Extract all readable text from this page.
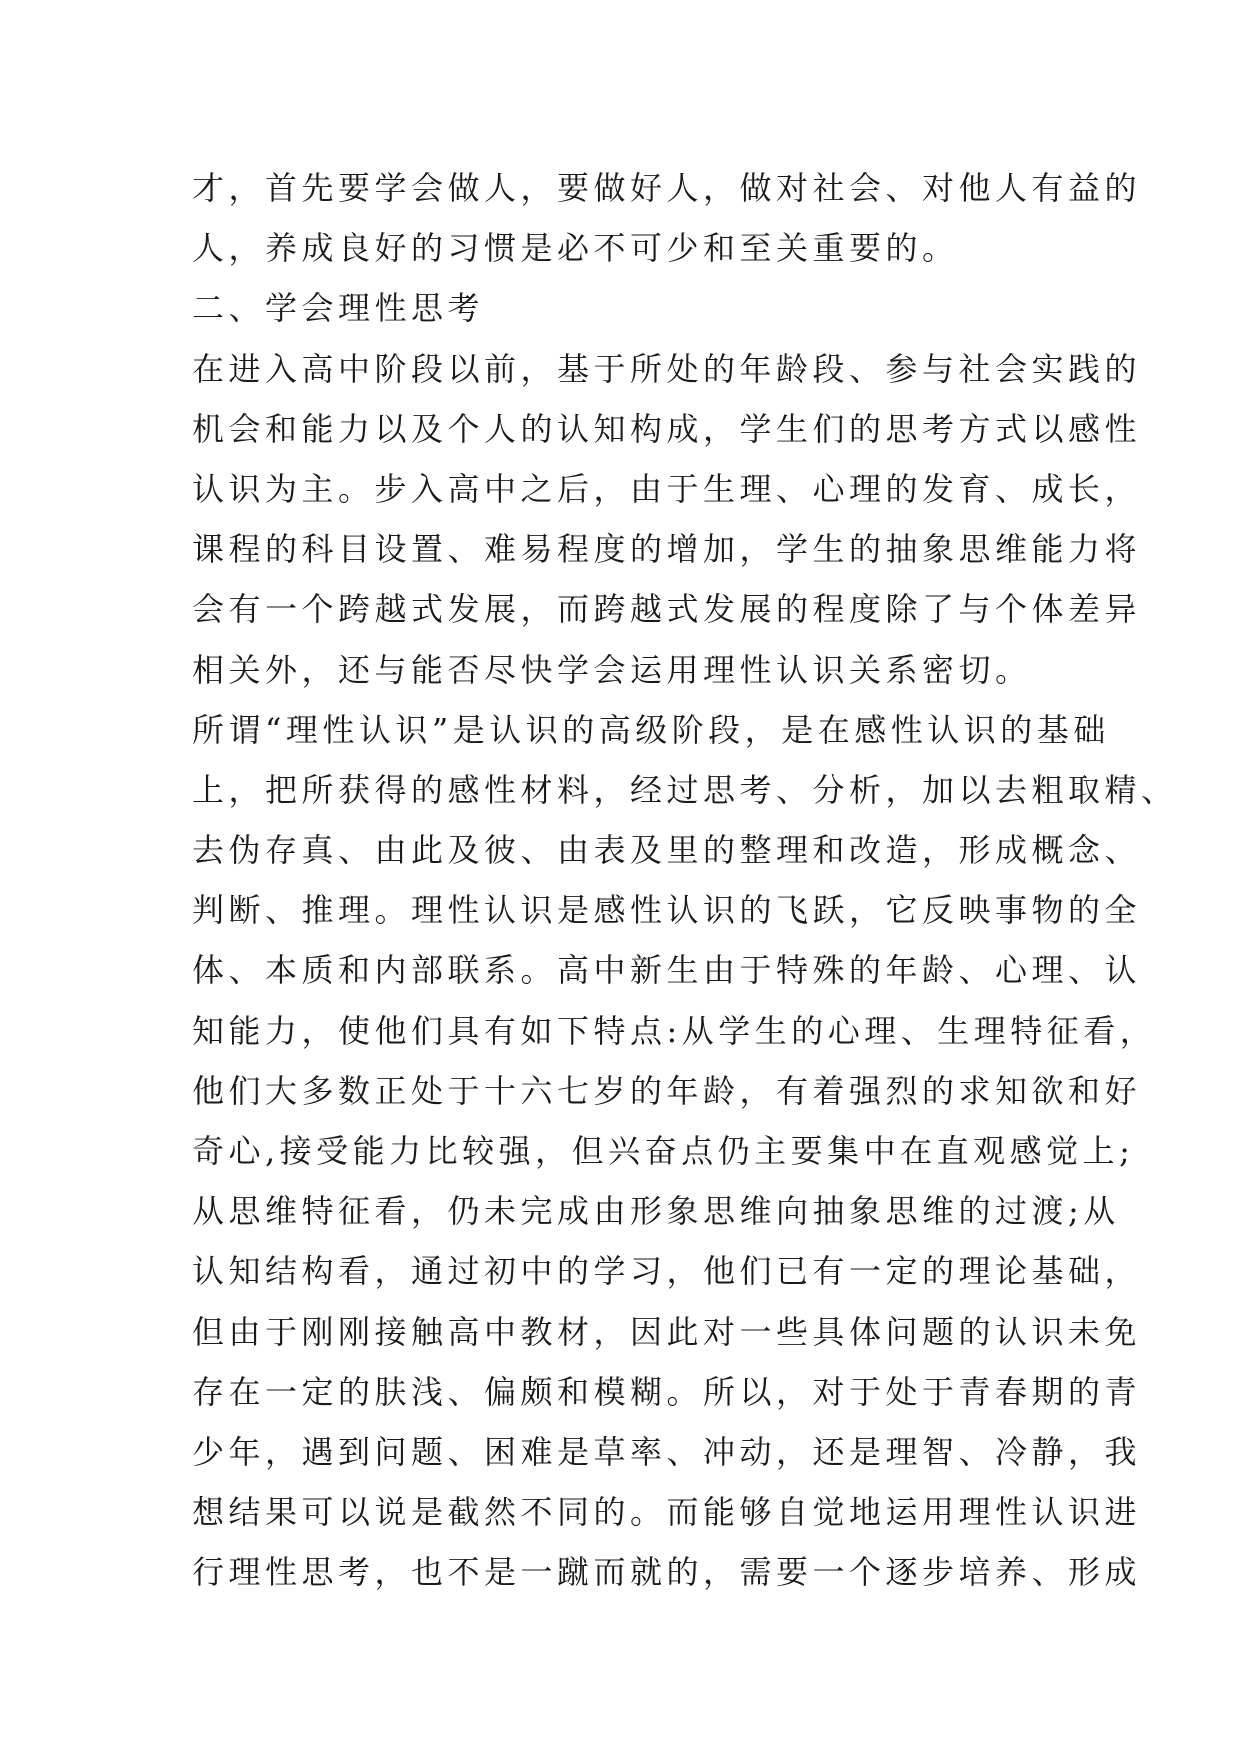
才，首先要学会做人，要做好人，做对社会、对他人有益的
人，养成良好的习惯是必不可少和至关重要的。
二、学会理性思考
在进入高中阶段以前，基于所处的年龄段、参与社会实践的
机会和能力以及个人的认知构成，学生们的思考方式以感性
认识为主。步入高中之后，由于生理、心理的发育、成长，
课程的科目设置、难易程度的增加，学生的抽象思维能力将
会有一个跨越式发展，而跨越式发展的程度除了与个体差异
相关外，还与能否尽快学会运用理性认识关系密切。
所谓“理性认识”是认识的高级阶段，是在感性认识的基础
上，把所获得的感性材料，经过思考、分析，加以去粗取精、
去伪存真、由此及彼、由表及里的整理和改造，形成概念、
判断、推理。理性认识是感性认识的飞跃，它反映事物的全
体、本质和内部联系。高中新生由于特殊的年龄、心理、认
知能力，使他们具有如下特点:从学生的心理、生理特征看，
他们大多数正处于十六七岁的年龄，有着强烈的求知欲和好
奇心,接受能力比较强，但兴奋点仍主要集中在直观感觉上;
从思维特征看，仍未完成由形象思维向抽象思维的过渡;从
认知结构看，通过初中的学习，他们已有一定的理论基础，
但由于刚刚接触高中教材，因此对一些具体问题的认识未免
存在一定的肤浅、偏颇和模糊。所以，对于处于青春期的青
少年，遇到问题、困难是草率、冲动，还是理智、冷静，我
想结果可以说是截然不同的。而能够自觉地运用理性认识进
行理性思考，也不是一蹴而就的，需要一个逐步培养、形成
